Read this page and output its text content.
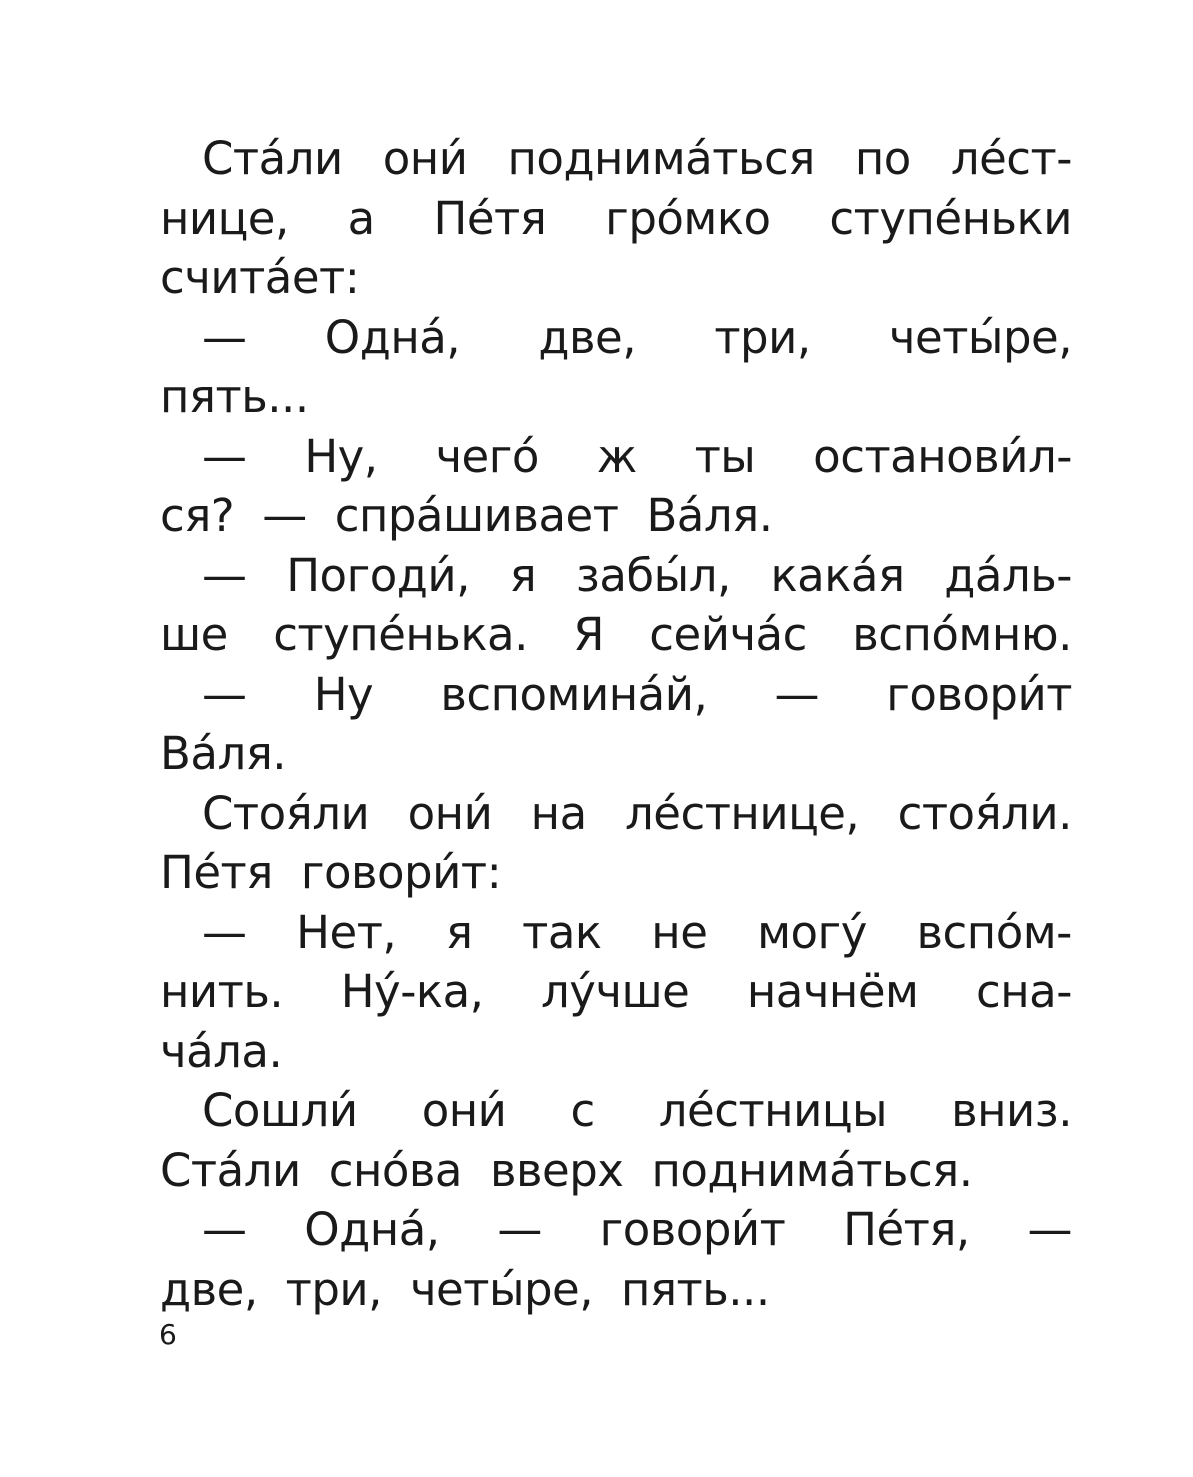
Ста́ли они́ поднима́ться по ле́ст-
нице, а Пе́тя гро́мко ступе́ньки
счита́ет:
— Одна́, две, три, четы́ре,
пять...
— Ну, чего́ ж ты останови́л-
ся? — спра́шивает Ва́ля.
— Погоди́, я забы́л, кака́я да́ль-
ше ступе́нька. Я сейча́с вспо́мню.
— Ну вспомина́й, — говори́т
Ва́ля.
Стоя́ли они́ на ле́стнице, стоя́ли.
Пе́тя говори́т:
— Нет, я так не могу́ вспо́м-
нить. Ну́-ка, лу́чше начнём сна-
ча́ла.
Сошли́ они́ с ле́стницы вниз.
Ста́ли сно́ва вверх поднима́ться.
— Одна́, — говори́т Пе́тя, —
две, три, четы́ре, пять...
6
